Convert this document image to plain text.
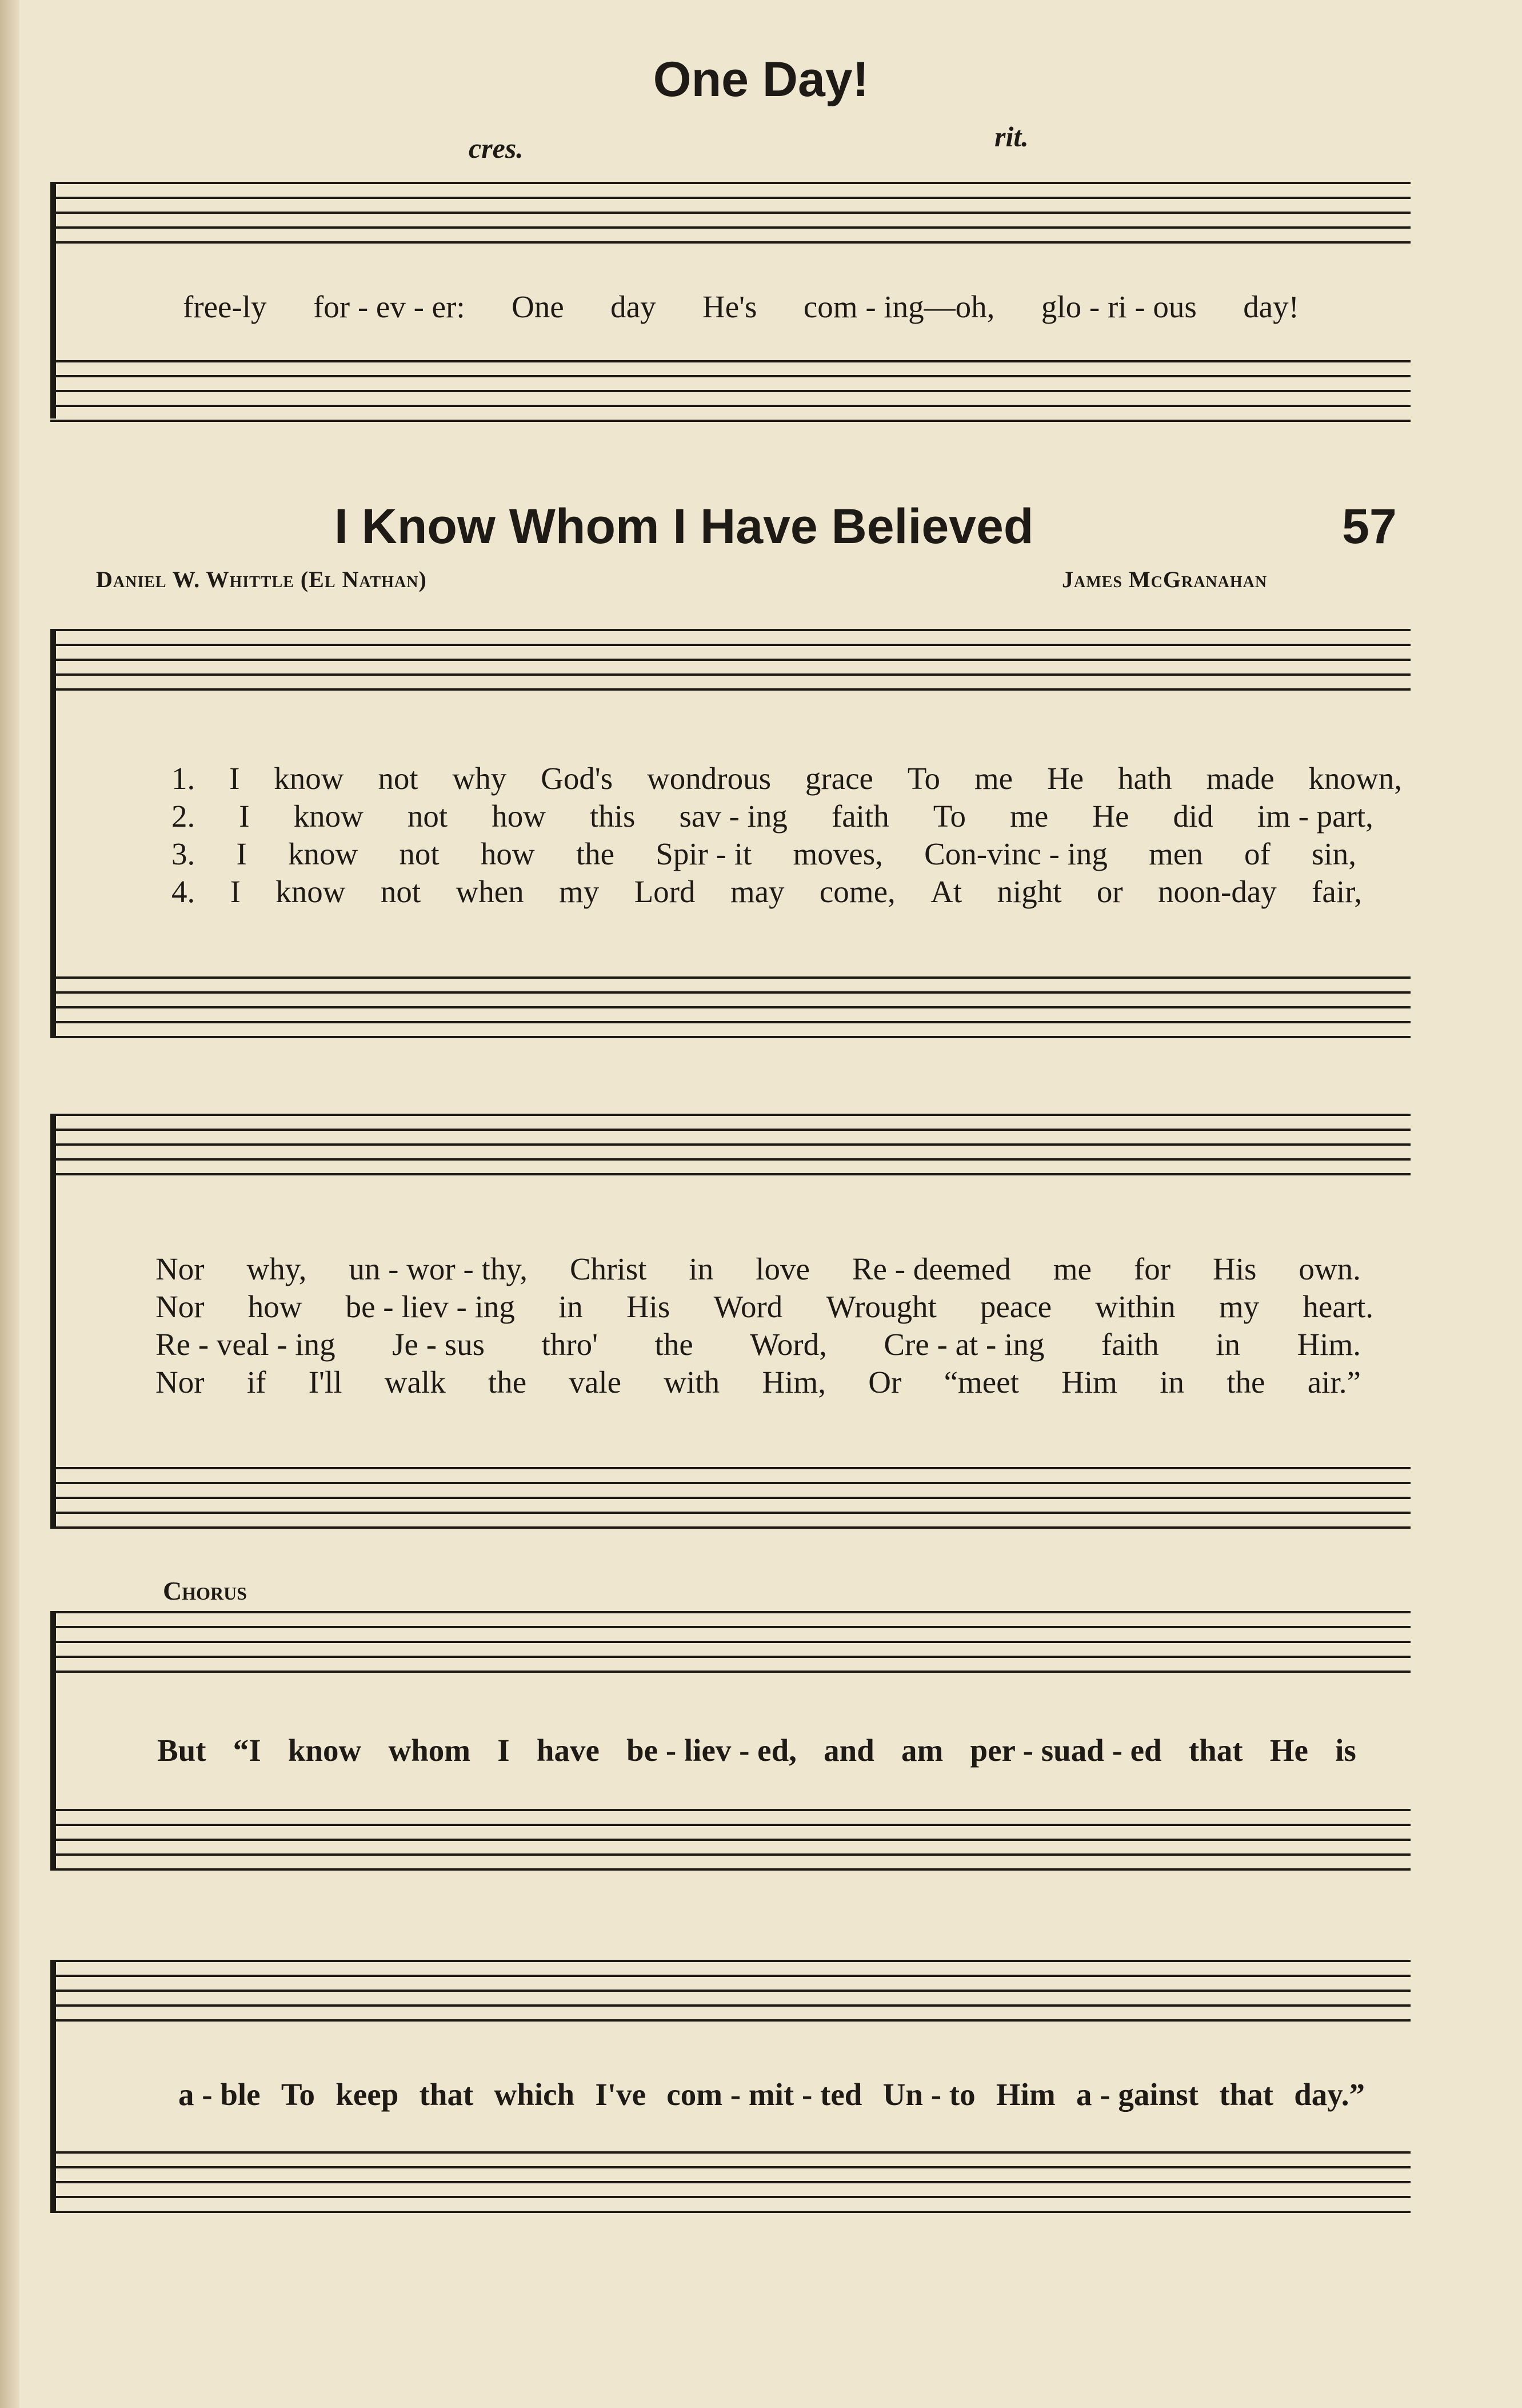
One Day!
cres.	rit.
free-ly for - ev - er: One day He's com - ing—oh, glo - ri - ous day!
I Know Whom I Have Believed	57
Daniel W. Whittle (El Nathan)	James McGranahan
1. I know not why God's wondrous grace To me He hath made known,
2. I know not how this sav - ing faith To me He did im - part,
3. I know not how the Spir - it moves, Con-vinc - ing men of sin,
4. I know not when my Lord may come, At night or noon-day fair,
Nor why, un - wor - thy, Christ in love Re - deemed me for His own.
Nor how be - liev - ing in His Word Wrought peace within my heart.
Re - veal - ing Je - sus thro' the Word, Cre - at - ing faith in Him.
Nor if I'll walk the vale with Him, Or “meet Him in the air.”
Chorus
But “I know whom I have be - liev - ed, and am per - suad - ed that He is
a - ble To keep that which I've com - mit - ted Un - to Him a - gainst that day.”
